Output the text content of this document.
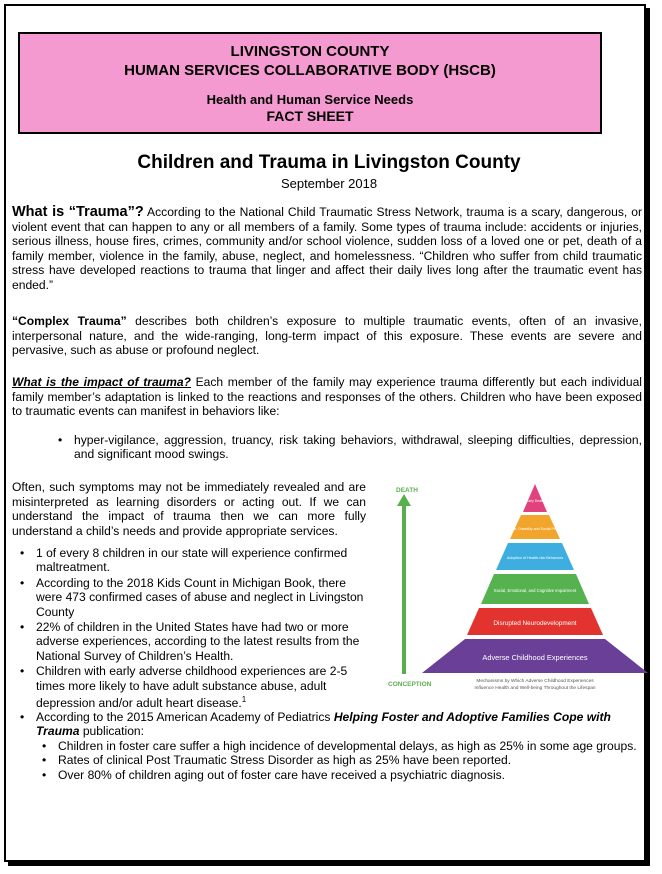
LIVINGSTON COUNTY
HUMAN SERVICES COLLABORATIVE BODY (HSCB)
Health and Human Service Needs
FACT SHEET
Children and Trauma in Livingston County
September 2018
What is “Trauma”? According to the National Child Traumatic Stress Network, trauma is a scary, dangerous, or violent event that can happen to any or all members of a family. Some types of trauma include: accidents or injuries, serious illness, house fires, crimes, community and/or school violence, sudden loss of a loved one or pet, death of a family member, violence in the family, abuse, neglect, and homelessness. “Children who suffer from child traumatic stress have developed reactions to trauma that linger and affect their daily lives long after the traumatic event has ended.”
“Complex Trauma” describes both children’s exposure to multiple traumatic events, often of an invasive, interpersonal nature, and the wide-ranging, long-term impact of this exposure. These events are severe and pervasive, such as abuse or profound neglect.
What is the impact of trauma? Each member of the family may experience trauma differently but each individual family member’s adaptation is linked to the reactions and responses of the others. Children who have been exposed to traumatic events can manifest in behaviors like:
• hyper-vigilance, aggression, truancy, risk taking behaviors, withdrawal, sleeping difficulties, depression, and significant mood swings.
Often, such symptoms may not be immediately revealed and are misinterpreted as learning disorders or acting out. If we can understand the impact of trauma then we can more fully understand a child’s needs and provide appropriate services.
• 1 of every 8 children in our state will experience confirmed maltreatment.
• According to the 2018 Kids Count in Michigan Book, there were 473 confirmed cases of abuse and neglect in Livingston County
• 22% of children in the United States have had two or more adverse experiences, according to the latest results from the National Survey of Children’s Health.
• Children with early adverse childhood experiences are 2-5 times more likely to have adult substance abuse, adult depression and/or adult heart disease.$^1$
• According to the 2015 American Academy of Pediatrics Helping Foster and Adoptive Families Cope with Trauma publication:
• Children in foster care suffer a high incidence of developmental delays, as high as 25% in some age groups.
• Rates of clinical Post Traumatic Stress Disorder as high as 25% have been reported.
• Over 80% of children aging out of foster care have received a psychiatric diagnosis.
DEATH
CONCEPTION
Early Death
Disease, Disability and Social Problems
Adoption of Health-risk Behaviors
Social, Emotional, and Cognitive Impairment
Disrupted Neurodevelopment
Adverse Childhood Experiences
Mechanisms by Which Adverse Childhood Experiences
Influence Health and Well-being Throughout the Lifespan
